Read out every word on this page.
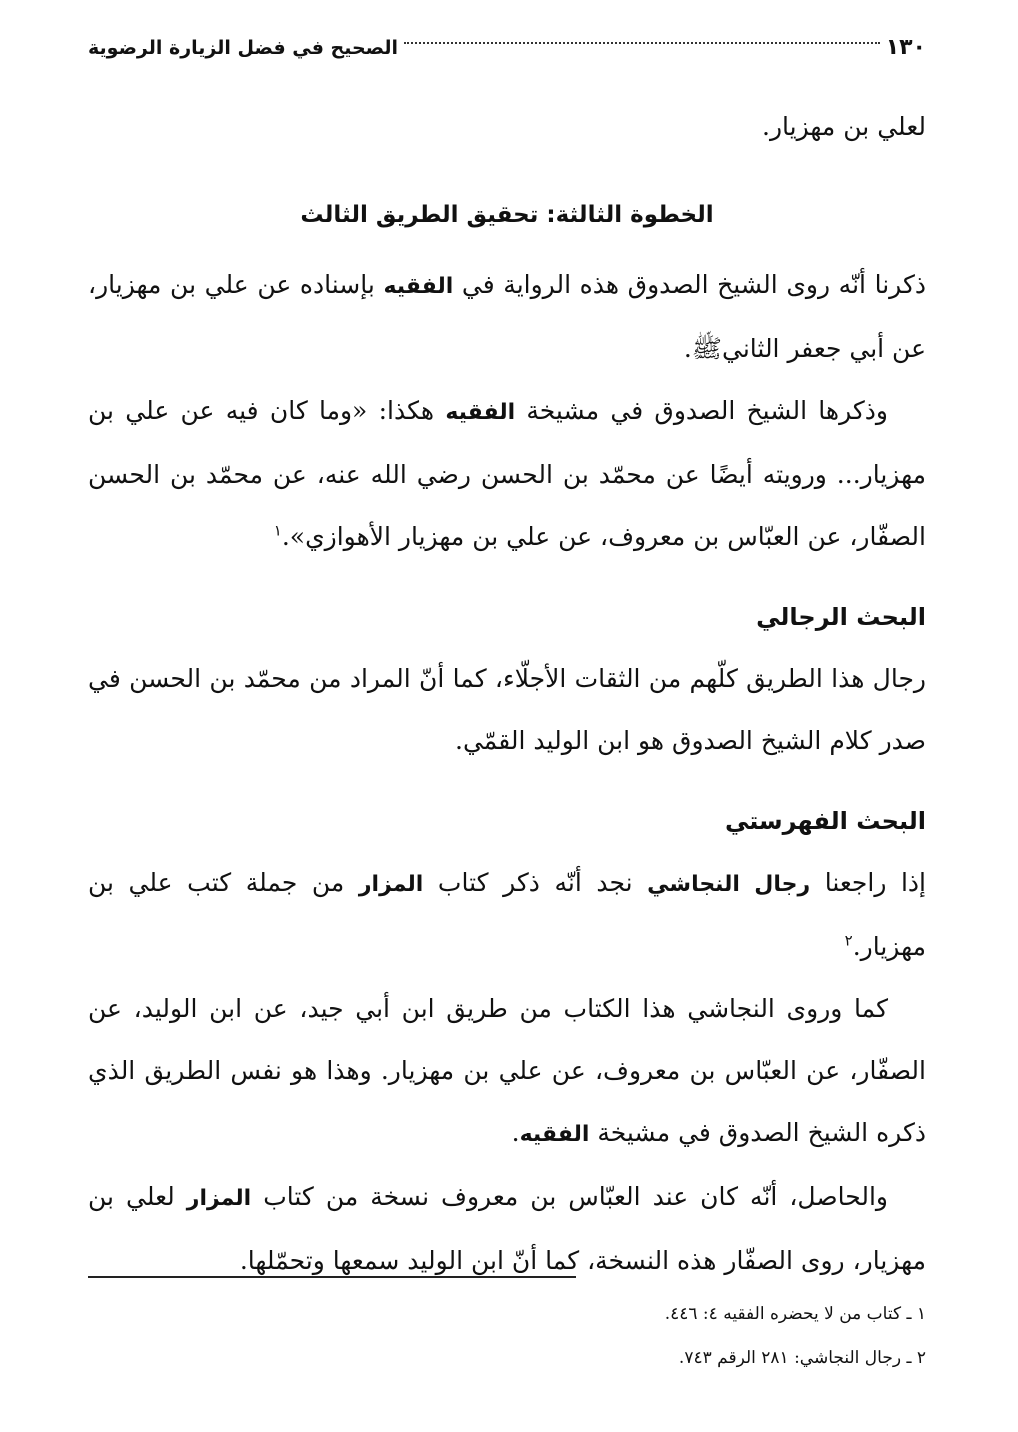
١٣٠
الصحيح في فضل الزيارة الرضوية

لعلي بن مهزيار.

الخطوة الثالثة: تحقيق الطريق الثالث

ذكرنا أنّه روى الشيخ الصدوق هذه الرواية في الفقيه بإسناده عن علي بن مهزيار، عن أبي جعفر الثانيﷺ.

وذكرها الشيخ الصدوق في مشيخة الفقيه هكذا: «وما كان فيه عن علي بن مهزيار... ورويته أيضًا عن محمّد بن الحسن رضي الله عنه، عن محمّد بن الحسن الصفّار، عن العبّاس بن معروف، عن علي بن مهزيار الأهوازي».$^١$

البحث الرجالي

رجال هذا الطريق كلّهم من الثقات الأجلّاء، كما أنّ المراد من محمّد بن الحسن في صدر كلام الشيخ الصدوق هو ابن الوليد القمّي.

البحث الفهرستي

إذا راجعنا رجال النجاشي نجد أنّه ذكر كتاب المزار من جملة كتب علي بن مهزيار.$^٢$

كما وروى النجاشي هذا الكتاب من طريق ابن أبي جيد، عن ابن الوليد، عن الصفّار، عن العبّاس بن معروف، عن علي بن مهزيار. وهذا هو نفس الطريق الذي ذكره الشيخ الصدوق في مشيخة الفقيه.

والحاصل، أنّه كان عند العبّاس بن معروف نسخة من كتاب المزار لعلي بن مهزيار، روى الصفّار هذه النسخة، كما أنّ ابن الوليد سمعها وتحمّلها.

١ ـ كتاب من لا يحضره الفقيه ٤: ٤٤٦.
٢ ـ رجال النجاشي: ٢٨١ الرقم ٧٤٣.
